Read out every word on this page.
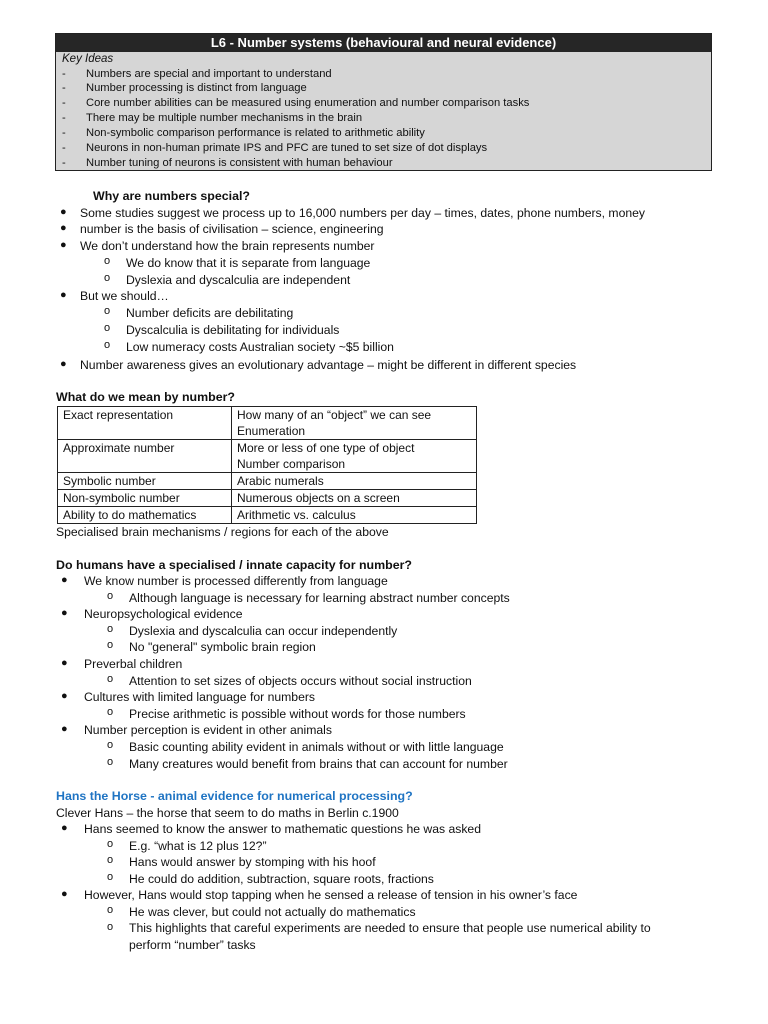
L6 - Number systems (behavioural and neural evidence)
Key Ideas
- Numbers are special and important to understand
- Number processing is distinct from language
- Core number abilities can be measured using enumeration and number comparison tasks
- There may be multiple number mechanisms in the brain
- Non-symbolic comparison performance is related to arithmetic ability
- Neurons in non-human primate IPS and PFC are tuned to set size of dot displays
- Number tuning of neurons is consistent with human behaviour
Why are numbers special?
● Some studies suggest we process up to 16,000 numbers per day – times, dates, phone numbers, money
● number is the basis of civilisation – science, engineering
● We don’t understand how the brain represents number
o We do know that it is separate from language
o Dyslexia and dyscalculia are independent
● But we should…
o Number deficits are debilitating
o Dyscalculia is debilitating for individuals
o Low numeracy costs Australian society ~$5 billion
● Number awareness gives an evolutionary advantage – might be different in different species
What do we mean by number?
Exact representation	How many of an “object” we can see
Enumeration

Approximate number	More or less of one type of object
Number comparison

Symbolic number	Arabic numerals
Non-symbolic number	Numerous objects on a screen
Ability to do mathematics	Arithmetic vs. calculus
Specialised brain mechanisms / regions for each of the above
Do humans have a specialised / innate capacity for number?
● We know number is processed differently from language
o Although language is necessary for learning abstract number concepts
● Neuropsychological evidence
o Dyslexia and dyscalculia can occur independently
o No "general" symbolic brain region
● Preverbal children
o Attention to set sizes of objects occurs without social instruction
● Cultures with limited language for numbers
o Precise arithmetic is possible without words for those numbers
● Number perception is evident in other animals
o Basic counting ability evident in animals without or with little language
o Many creatures would benefit from brains that can account for number
Hans the Horse - animal evidence for numerical processing?
Clever Hans – the horse that seem to do maths in Berlin c.1900
● Hans seemed to know the answer to mathematic questions he was asked
o E.g. “what is 12 plus 12?”
o Hans would answer by stomping with his hoof
o He could do addition, subtraction, square roots, fractions
● However, Hans would stop tapping when he sensed a release of tension in his owner’s face
o He was clever, but could not actually do mathematics
o This highlights that careful experiments are needed to ensure that people use numerical ability to
perform “number” tasks
